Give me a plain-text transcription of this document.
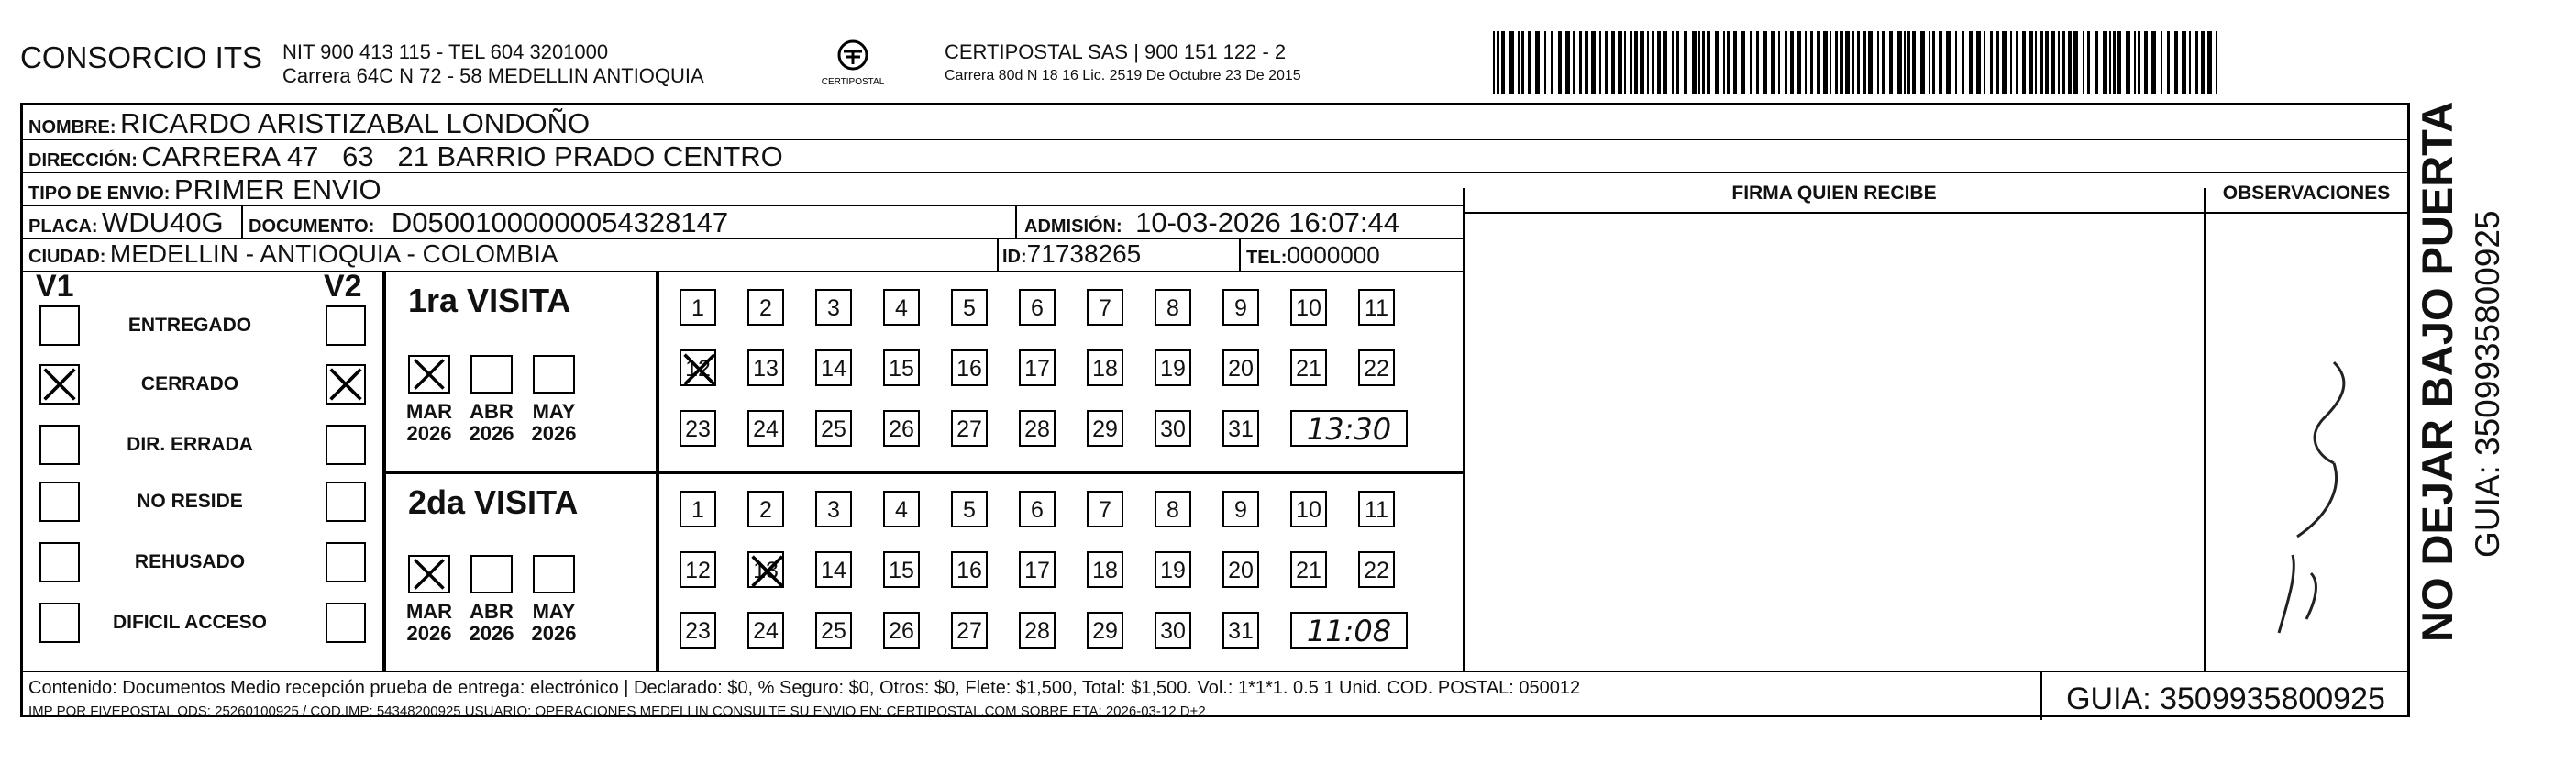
CONSORCIO ITS NIT 900 413 115 - TEL 604 3201000
Carrera 64C N 72 - 58 MEDELLIN ANTIOQUIA	CERTIPOSTAL
CERTIPOSTAL SAS | 900 151 122 - 2
Carrera 80d N 18 16 Lic. 2519 De Octubre 23 De 2015
NOMBRE: RICARDO ARISTIZABAL LONDOÑO
DIRECCIÓN: CARRERA 47   63   21 BARRIO PRADO CENTRO
TIPO DE ENVIO: PRIMER ENVIO	FIRMA QUIEN RECIBE	OBSERVACIONES
PLACA: WDU40G DOCUMENTO: D05001000000054328147	ADMISIÓN: 10-03-2026 16:07:44
CIUDAD: MEDELLIN - ANTIOQUIA - COLOMBIA	ID:71738265	TEL:0000000
V1	V2
ENTREGADO
CERRADO
DIR. ERRADA
NO RESIDE
REHUSADO
DIFICIL ACCESO
1ra VISITA
MAR
2026
ABR
2026
MAY
2026
1	2	3	4	5	6	7	8	9	10 11
12 13 14 15 16 17 18 19 20 21 22
23 24 25 26 27 28 29 30 31	13:30
2da VISITA
MAR
2026
ABR
2026
MAY
2026
1	2	3	4	5	6	7	8	9	10 11
12 13 14 15 16 17 18 19 20 21 22
23 24 25 26 27 28 29 30 31	11:08
Contenido: Documentos Medio recepción prueba de entrega: electrónico | Declarado: $0, % Seguro: $0, Otros: $0, Flete: $1,500, Total: $1,500. Vol.: 1*1*1. 0.5 1 Unid. COD. POSTAL: 050012
IMP POR FIVEPOSTAL ODS: 25260100925 / COD.IMP: 54348200925 USUARIO: OPERACIONES MEDELLIN CONSULTE SU ENVIO EN: CERTIPOSTAL.COM SOBRE ETA: 2026-03-12 D+2	GUIA: 3509935800925
NO DEJAR BAJO PUERTA GUIA: 3509935800925
